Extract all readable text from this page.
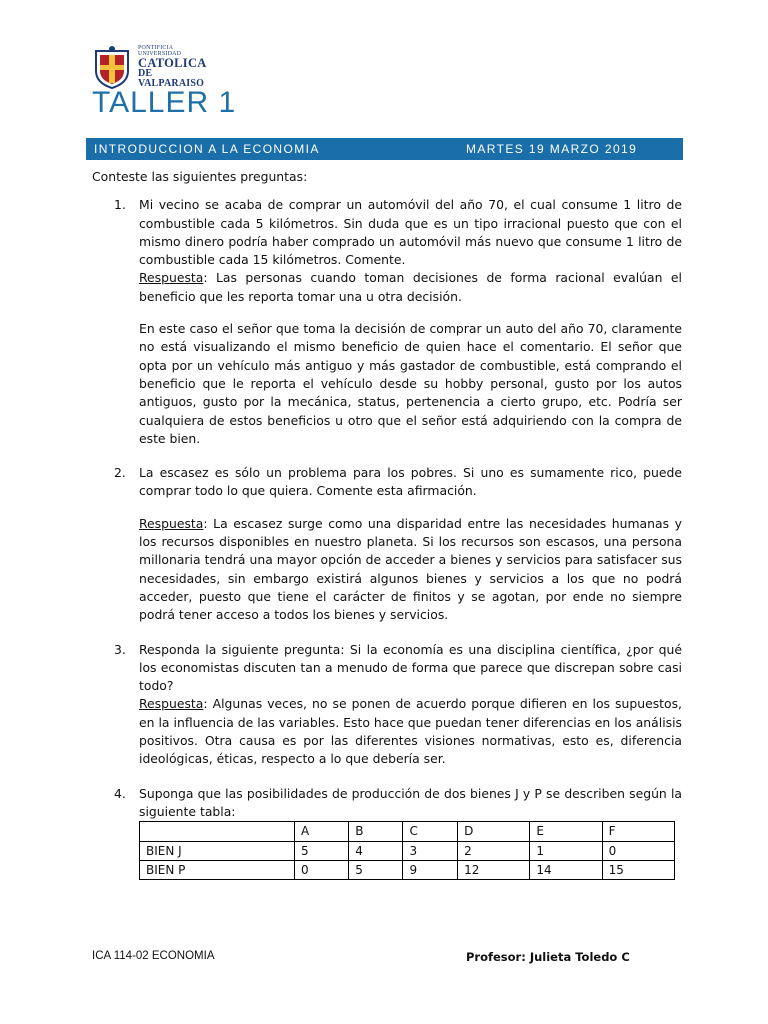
PONTIFICIA UNIVERSIDAD
CATOLICA
DE VALPARAISO
TALLER 1
INTRODUCCION A LA ECONOMIA	MARTES 19 MARZO 2019

Conteste las siguientes preguntas:

1. Mi vecino se acaba de comprar un automóvil del año 70, el cual consume 1 litro de combustible cada 5 kilómetros. Sin duda que es un tipo irracional puesto que con el mismo dinero podría haber comprado un automóvil más nuevo que consume 1 litro de combustible cada 15 kilómetros. Comente.

Respuesta: Las personas cuando toman decisiones de forma racional evalúan el beneficio que les reporta tomar una u otra decisión.

En este caso el señor que toma la decisión de comprar un auto del año 70, claramente no está visualizando el mismo beneficio de quien hace el comentario. El señor que opta por un vehículo más antiguo y más gastador de combustible, está comprando el beneficio que le reporta el vehículo desde su hobby personal, gusto por los autos antiguos, gusto por la mecánica, status, pertenencia a cierto grupo, etc. Podría ser cualquiera de estos beneficios u otro que el señor está adquiriendo con la compra de este bien.

2. La escasez es sólo un problema para los pobres. Si uno es sumamente rico, puede comprar todo lo que quiera. Comente esta afirmación.

Respuesta: La escasez surge como una disparidad entre las necesidades humanas y los recursos disponibles en nuestro planeta. Si los recursos son escasos, una persona millonaria tendrá una mayor opción de acceder a bienes y servicios para satisfacer sus necesidades, sin embargo existirá algunos bienes y servicios a los que no podrá acceder, puesto que tiene el carácter de finitos y se agotan, por ende no siempre podrá tener acceso a todos los bienes y servicios.

3. Responda la siguiente pregunta: Si la economía es una disciplina científica, ¿por qué los economistas discuten tan a menudo de forma que parece que discrepan sobre casi todo?

Respuesta: Algunas veces, no se ponen de acuerdo porque difieren en los supuestos, en la influencia de las variables. Esto hace que puedan tener diferencias en los análisis positivos. Otra causa es por las diferentes visiones normativas, esto es, diferencia ideológicas, éticas, respecto a lo que debería ser.

4. Suponga que las posibilidades de producción de dos bienes J y P se describen según la siguiente tabla:

	A	B	C	D	E	F
BIEN J	5	4	3	2	1	0
BIEN P	0	5	9	12	14	15
ICA 114-02 ECONOMIA	Profesor: Julieta Toledo C
